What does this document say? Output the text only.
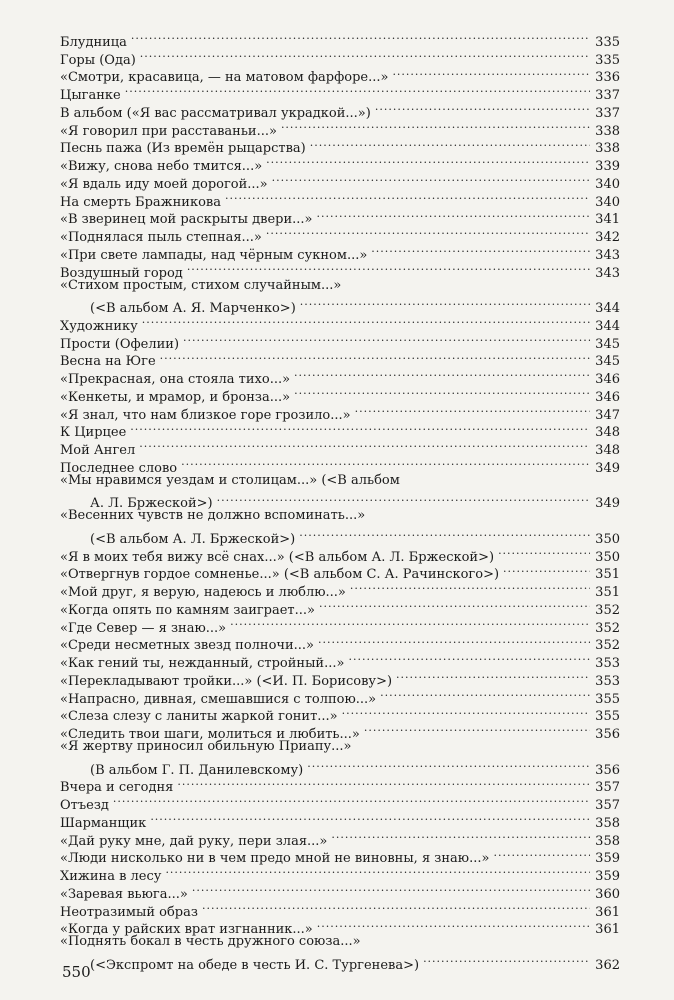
Блудница .....	335
Горы (Ода) .....	335
«Смотри, красавица, — на матовом фарфоре...» .....	336
Цыганке .....	337
В альбом («Я вас рассматривал украдкой...») .....	337
«Я говорил при расставаньи...» .....	338
Песнь пажа (Из времён рыцарства) .....	338
«Вижу, снова небо тмится...» .....	339
«Я вдаль иду моей дорогой...» .....	340
На смерть Бражникова .....	340
«В зверинец мой раскрыты двери...» .....	341
«Поднялася пыль степная...» .....	342
«При свете лампады, над чёрным сукном...» .....	343
Воздушный город .....	343
«Стихом простым, стихом случайным...»
(<В альбом А. Я. Марченко>) .....	344
Художнику .....	344
Прости (Офелии) .....	345
Весна на Юге .....	345
«Прекрасная, она стояла тихо...» .....	346
«Кенкеты, и мрамор, и бронза...» .....	346
«Я знал, что нам близкое горе грозило...» .....	347
К Цирцее .....	348
Мой Ангел .....	348
Последнее слово .....	349
«Мы нравимся уездам и столицам...» (<В альбом
А. Л. Бржеской>) .....	349
«Весенних чувств не должно вспоминать...»
(<В альбом А. Л. Бржеской>) .....	350
«Я в моих тебя вижу всё снах...» (<В альбом А. Л. Бржеской>) .....	350
«Отвергнув гордое сомненье...» (<В альбом С. А. Рачинского>) .....	351
«Мой друг, я верую, надеюсь и люблю...» .....	351
«Когда опять по камням заиграет...» .....	352
«Где Север — я знаю...» .....	352
«Среди несметных звезд полночи...» .....	352
«Как гений ты, нежданный, стройный...» .....	353
«Перекладывают тройки...» (<И. П. Борисову>) .....	353
«Напрасно, дивная, смешавшися с толпою...» .....	355
«Слеза слезу с ланиты жаркой гонит...» .....	355
«Следить твои шаги, молиться и любить...» .....	356
«Я жертву приносил обильную Приапу...»
(В альбом Г. П. Данилевскому) .....	356
Вчера и сегодня .....	357
Отъезд .....	357
Шарманщик .....	358
«Дай руку мне, дай руку, пери злая...» .....	358
«Люди нисколько ни в чем предо мной не виновны, я знаю...» .....	359
Хижина в лесу .....	359
«Заревая вьюга...» .....	360
Неотразимый образ .....	361
«Когда у райских врат изгнанник...» .....	361
«Поднять бокал в честь дружного союза...»
(<Экспромт на обеде в честь И. С. Тургенева>) .....	362
550
